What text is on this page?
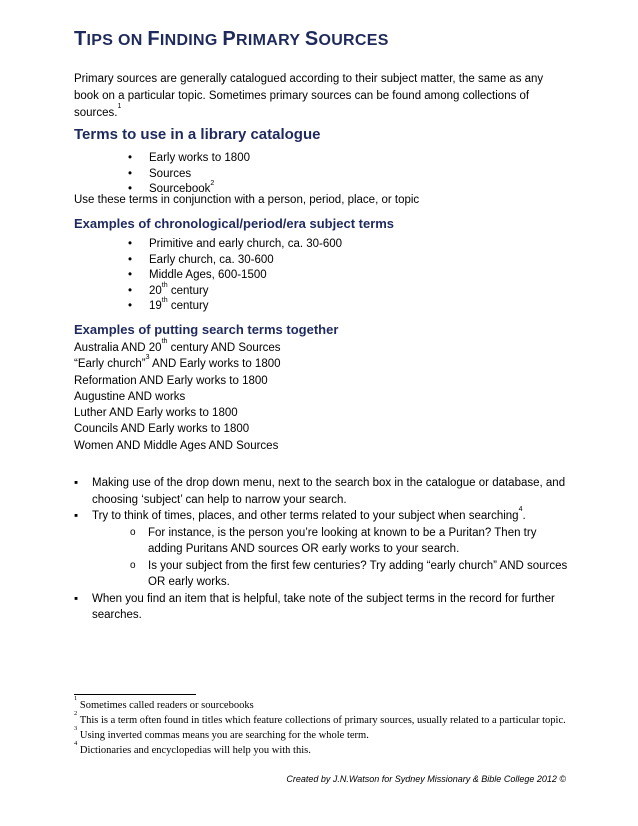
TIPS ON FINDING PRIMARY SOURCES

Primary sources are generally catalogued according to their subject matter, the same as any book on a particular topic. Sometimes primary sources can be found among collections of sources.$^1$

Terms to use in a library catalogue
• Early works to 1800
• Sources
• Sourcebook$^2$

Use these terms in conjunction with a person, period, place, or topic

Examples of chronological/period/era subject terms
• Primitive and early church, ca. 30-600
• Early church, ca. 30-600
• Middle Ages, 600-1500
• 20th century
• 19th century
Examples of putting search terms together
Australia AND 20th century AND Sources
“Early church”$^3$ AND Early works to 1800
Reformation AND Early works to 1800
Augustine AND works
Luther AND Early works to 1800
Councils AND Early works to 1800
Women AND Middle Ages AND Sources
▪ Making use of the drop down menu, next to the search box in the catalogue or database, and choosing ‘subject’ can help to narrow your search.
▪ Try to think of times, places, and other terms related to your subject when searching$^4$.
o For instance, is the person you’re looking at known to be a Puritan? Then try adding Puritans AND sources OR early works to your search.
o Is your subject from the first few centuries? Try adding “early church” AND sources OR early works.
▪ When you find an item that is helpful, take note of the subject terms in the record for further searches.
$^1$ Sometimes called readers or sourcebooks
$^2$ This is a term often found in titles which feature collections of primary sources, usually related to a particular topic.
$^3$ Using inverted commas means you are searching for the whole term.
$^4$ Dictionaries and encyclopedias will help you with this.

Created by J.N.Watson for Sydney Missionary & Bible College 2012 ©
